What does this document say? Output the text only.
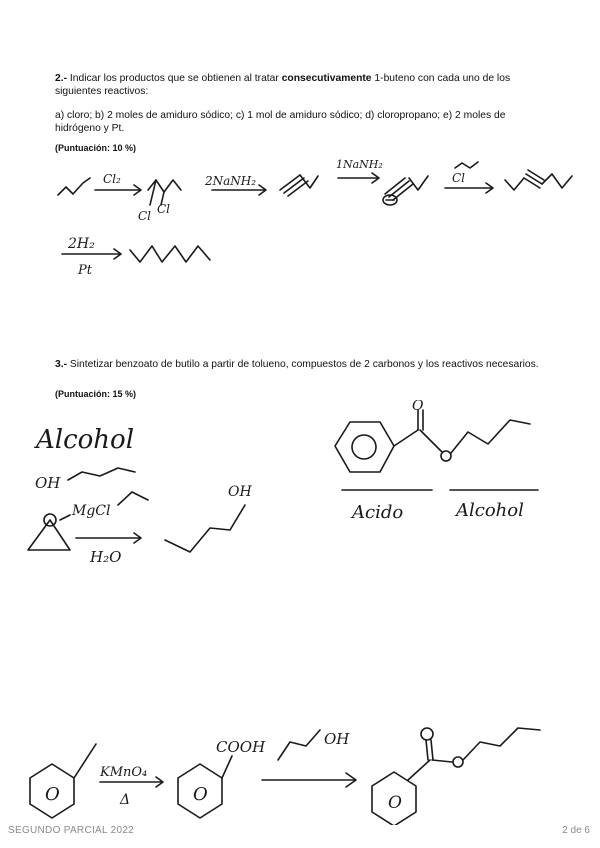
2.- Indicar los productos que se obtienen al tratar consecutivamente 1-buteno con cada uno de los siguientes reactivos:
a) cloro; b) 2 moles de amiduro sódico; c) 1 mol de amiduro sódico; d) cloropropano; e) 2 moles de hidrógeno y Pt.
(Puntuación: 10 %)
Cl₂
Cl Cl
2NaNH₂
1NaNH₂
Cl
2H₂
Pt
3.- Sintetizar benzoato de butilo a partir de tolueno, compuestos de 2 carbonos y los reactivos necesarios.
(Puntuación: 15 %)
Alcohol
OH
MgCl
H₂O
OH
O
Acido	Alcohol
O
KMnO₄
Δ	O
COOH	OH
O
SEGUNDO PARCIAL 2022	2 de 6
